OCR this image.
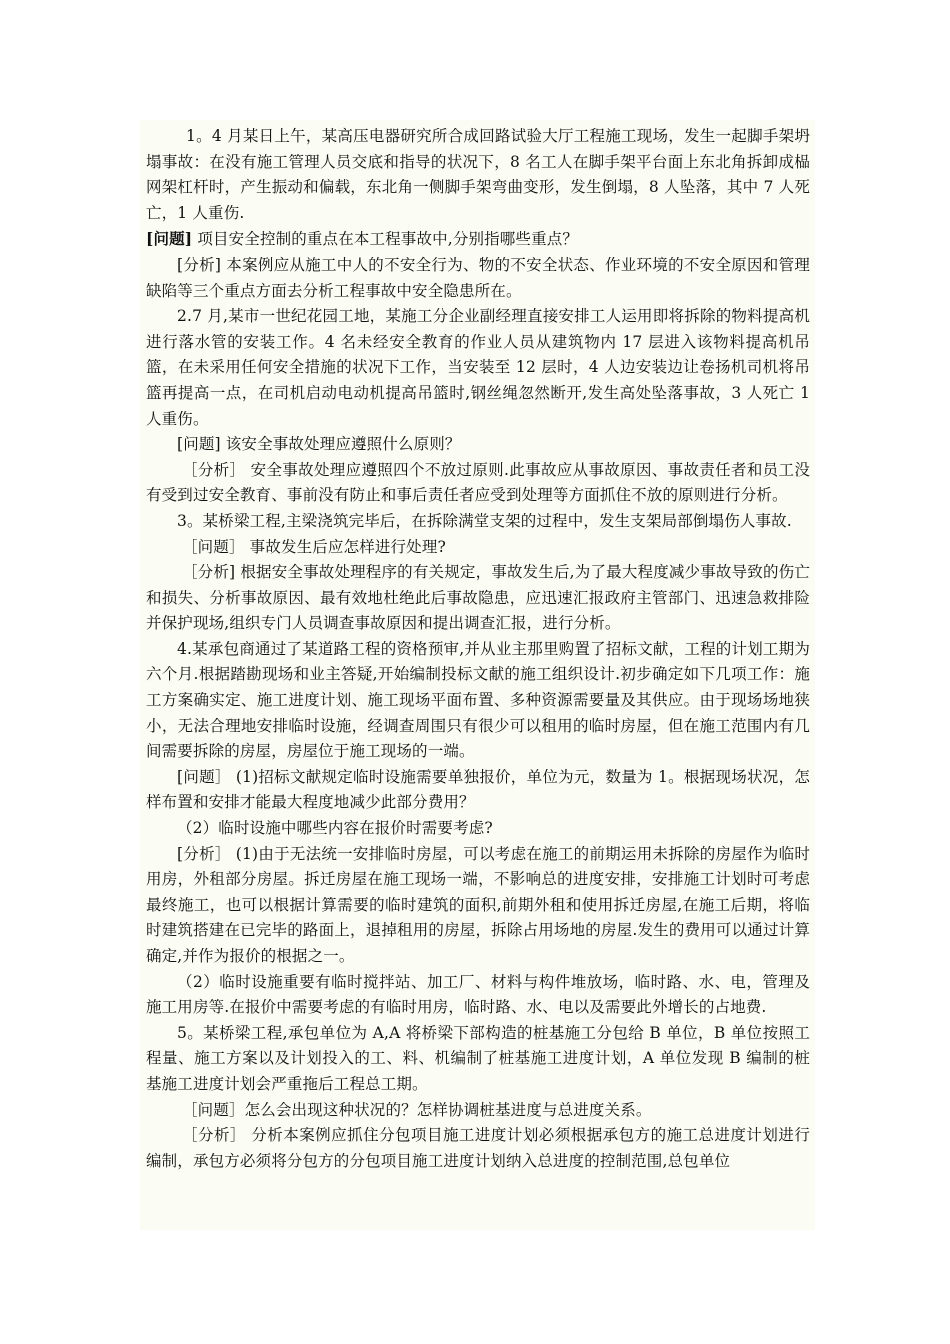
1。4 月某日上午，某高压电器研究所合成回路试验大厅工程施工现场，发生一起脚手架坍塌事故：在没有施工管理人员交底和指导的状况下，8 名工人在脚手架平台面上东北角拆卸成榀网架杠杆时，产生振动和偏载，东北角一侧脚手架弯曲变形，发生倒塌，8 人坠落，其中 7 人死亡，1 人重伤.

[问题] 项目安全控制的重点在本工程事故中,分别指哪些重点？

[分析] 本案例应从施工中人的不安全行为、物的不安全状态、作业环境的不安全原因和管理缺陷等三个重点方面去分析工程事故中安全隐患所在。

2.7 月,某市一世纪花园工地，某施工分企业副经理直接安排工人运用即将拆除的物料提高机进行落水管的安装工作。4 名未经安全教育的作业人员从建筑物内 17 层进入该物料提高机吊篮，在未采用任何安全措施的状况下工作，当安装至 12 层时，4 人边安装边让卷扬机司机将吊篮再提高一点，在司机启动电动机提高吊篮时,钢丝绳忽然断开,发生高处坠落事故，3 人死亡 1 人重伤。

[问题] 该安全事故处理应遵照什么原则？

［分析］ 安全事故处理应遵照四个不放过原则.此事故应从事故原因、事故责任者和员工没有受到过安全教育、事前没有防止和事后责任者应受到处理等方面抓住不放的原则进行分析。

3。某桥梁工程,主梁浇筑完毕后，在拆除满堂支架的过程中，发生支架局部倒塌伤人事故.

［问题］ 事故发生后应怎样进行处理?

［分析] 根据安全事故处理程序的有关规定，事故发生后,为了最大程度减少事故导致的伤亡和损失、分析事故原因、最有效地杜绝此后事故隐患，应迅速汇报政府主管部门、迅速急救排险并保护现场,组织专门人员调查事故原因和提出调查汇报，进行分析。

4.某承包商通过了某道路工程的资格预审,并从业主那里购置了招标文献，工程的计划工期为六个月.根据踏勘现场和业主答疑,开始编制投标文献的施工组织设计.初步确定如下几项工作：施工方案确实定、施工进度计划、施工现场平面布置、多种资源需要量及其供应。由于现场场地狭小，无法合理地安排临时设施，经调查周围只有很少可以租用的临时房屋，但在施工范围内有几间需要拆除的房屋，房屋位于施工现场的一端。

[问题］ (1)招标文献规定临时设施需要单独报价，单位为元，数量为 1。根据现场状况，怎样布置和安排才能最大程度地减少此部分费用？

（2）临时设施中哪些内容在报价时需要考虑?

[分析］ (1)由于无法统一安排临时房屋，可以考虑在施工的前期运用未拆除的房屋作为临时用房，外租部分房屋。拆迁房屋在施工现场一端，不影响总的进度安排，安排施工计划时可考虑最终施工，也可以根据计算需要的临时建筑的面积,前期外租和使用拆迁房屋,在施工后期，将临时建筑搭建在已完毕的路面上，退掉租用的房屋，拆除占用场地的房屋.发生的费用可以通过计算确定,并作为报价的根据之一。

（2）临时设施重要有临时搅拌站、加工厂、材料与构件堆放场，临时路、水、电，管理及施工用房等.在报价中需要考虑的有临时用房，临时路、水、电以及需要此外增长的占地费.

5。某桥梁工程,承包单位为 A,A 将桥梁下部构造的桩基施工分包给 B 单位，B 单位按照工程量、施工方案以及计划投入的工、料、机编制了桩基施工进度计划，A 单位发现 B 编制的桩基施工进度计划会严重拖后工程总工期。

［问题］怎么会出现这种状况的？怎样协调桩基进度与总进度关系。

［分析］ 分析本案例应抓住分包项目施工进度计划必须根据承包方的施工总进度计划进行编制，承包方必须将分包方的分包项目施工进度计划纳入总进度的控制范围,总包单位
